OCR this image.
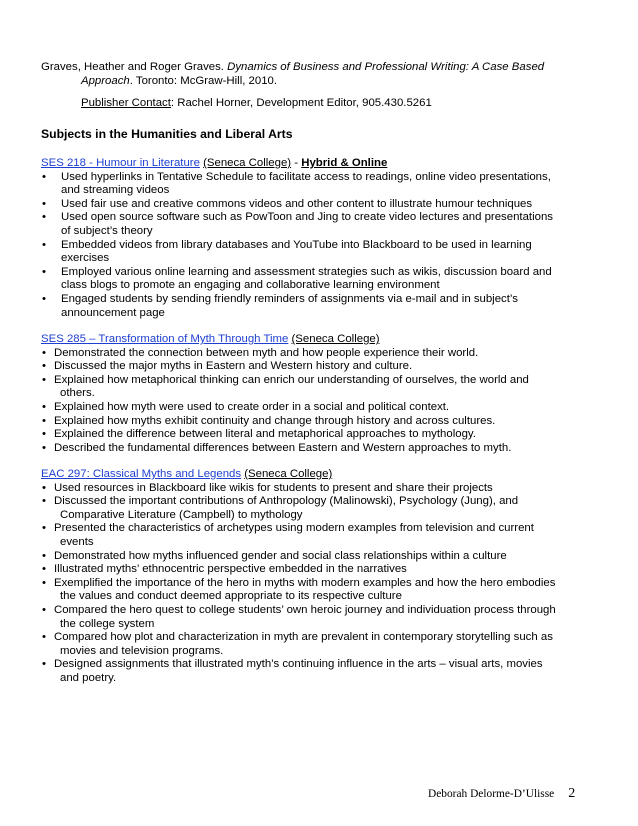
Graves, Heather and Roger Graves. Dynamics of Business and Professional Writing: A Case Based
Approach. Toronto: McGraw-Hill, 2010.
Publisher Contact: Rachel Horner, Development Editor, 905.430.5261
Subjects in the Humanities and Liberal Arts
SES 218 - Humour in Literature (Seneca College) - Hybrid & Online
• Used hyperlinks in Tentative Schedule to facilitate access to readings, online video presentations,
and streaming videos
• Used fair use and creative commons videos and other content to illustrate humour techniques
• Used open source software such as PowToon and Jing to create video lectures and presentations
of subject’s theory
• Embedded videos from library databases and YouTube into Blackboard to be used in learning
exercises
• Employed various online learning and assessment strategies such as wikis, discussion board and
class blogs to promote an engaging and collaborative learning environment
• Engaged students by sending friendly reminders of assignments via e-mail and in subject’s
announcement page
SES 285 – Transformation of Myth Through Time (Seneca College)
• Demonstrated the connection between myth and how people experience their world.
• Discussed the major myths in Eastern and Western history and culture.
• Explained how metaphorical thinking can enrich our understanding of ourselves, the world and
others.
• Explained how myth were used to create order in a social and political context.
• Explained how myths exhibit continuity and change through history and across cultures.
• Explained the difference between literal and metaphorical approaches to mythology.
• Described the fundamental differences between Eastern and Western approaches to myth.
EAC 297: Classical Myths and Legends (Seneca College)
• Used resources in Blackboard like wikis for students to present and share their projects
• Discussed the important contributions of Anthropology (Malinowski), Psychology (Jung), and
Comparative Literature (Campbell) to mythology
• Presented the characteristics of archetypes using modern examples from television and current
events
• Demonstrated how myths influenced gender and social class relationships within a culture
• Illustrated myths’ ethnocentric perspective embedded in the narratives
• Exemplified the importance of the hero in myths with modern examples and how the hero embodies
the values and conduct deemed appropriate to its respective culture
• Compared the hero quest to college students’ own heroic journey and individuation process through
the college system
• Compared how plot and characterization in myth are prevalent in contemporary storytelling such as
movies and television programs.
• Designed assignments that illustrated myth’s continuing influence in the arts – visual arts, movies
and poetry.
Deborah Delorme-D’Ulisse 2
